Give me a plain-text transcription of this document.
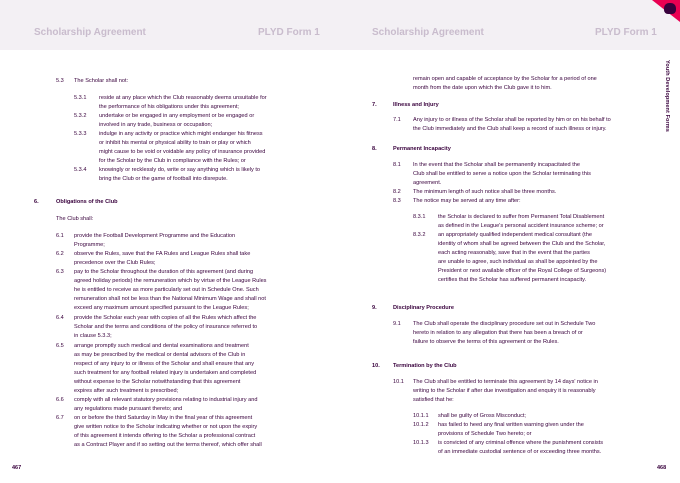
Scholarship Agreement	PLYD Form 1	Scholarship Agreement	PLYD Form 1
Youth Development Forms
5.3 The Scholar shall not:
5.3.1 reside at any place which the Club reasonably deems unsuitable for
the performance of his obligations under this agreement;
5.3.2 undertake or be engaged in any employment or be engaged or
involved in any trade, business or occupation;
5.3.3 indulge in any activity or practice which might endanger his fitness
or inhibit his mental or physical ability to train or play or which
might cause to be void or voidable any policy of insurance provided
for the Scholar by the Club in compliance with the Rules; or
5.3.4 knowingly or recklessly do, write or say anything which is likely to
bring the Club or the game of football into disrepute.
6.	Obligations of the Club
The Club shall:
6.1 provide the Football Development Programme and the Education
Programme;
6.2 observe the Rules, save that the FA Rules and League Rules shall take
precedence over the Club Rules;
6.3 pay to the Scholar throughout the duration of this agreement (and during
agreed holiday periods) the remuneration which by virtue of the League Rules
he is entitled to receive as more particularly set out in Schedule One. Such
remuneration shall not be less than the National Minimum Wage and shall not
exceed any maximum amount specified pursuant to the League Rules;
6.4 provide the Scholar each year with copies of all the Rules which affect the
Scholar and the terms and conditions of the policy of insurance referred to
in clause 5.3.3;
6.5 arrange promptly such medical and dental examinations and treatment
as may be prescribed by the medical or dental advisors of the Club in
respect of any injury to or illness of the Scholar and shall ensure that any
such treatment for any football related injury is undertaken and completed
without expense to the Scholar notwithstanding that this agreement
expires after such treatment is prescribed;
6.6 comply with all relevant statutory provisions relating to industrial injury and
any regulations made pursuant thereto; and
6.7 on or before the third Saturday in May in the final year of this agreement
give written notice to the Scholar indicating whether or not upon the expiry
of this agreement it intends offering to the Scholar a professional contract
as a Contract Player and if so setting out the terms thereof, which offer shall
remain open and capable of acceptance by the Scholar for a period of one
month from the date upon which the Club gave it to him.
7.	Illness and Injury
7.1 Any injury to or illness of the Scholar shall be reported by him or on his behalf to
the Club immediately and the Club shall keep a record of such illness or injury.
8.	Permanent Incapacity
8.1 In the event that the Scholar shall be permanently incapacitated the
Club shall be entitled to serve a notice upon the Scholar terminating this
agreement.
8.2 The minimum length of such notice shall be three months.
8.3 The notice may be served at any time after:
8.3.1 the Scholar is declared to suffer from Permanent Total Disablement
as defined in the League's personal accident insurance scheme; or
8.3.2 an appropriately qualified independent medical consultant (the
identity of whom shall be agreed between the Club and the Scholar,
each acting reasonably, save that in the event that the parties
are unable to agree, such individual as shall be appointed by the
President or next available officer of the Royal College of Surgeons)
certifies that the Scholar has suffered permanent incapacity.
9.	Disciplinary Procedure
9.1 The Club shall operate the disciplinary procedure set out in Schedule Two
hereto in relation to any allegation that there has been a breach of or
failure to observe the terms of this agreement or the Rules.
10. Termination by the Club
10.1 The Club shall be entitled to terminate this agreement by 14 days' notice in
writing to the Scholar if after due investigation and enquiry it is reasonably
satisfied that he:
10.1.1 shall be guilty of Gross Misconduct;
10.1.2 has failed to heed any final written warning given under the
provisions of Schedule Two hereto; or
10.1.3 is convicted of any criminal offence where the punishment consists
of an immediate custodial sentence of or exceeding three months.
467	468
